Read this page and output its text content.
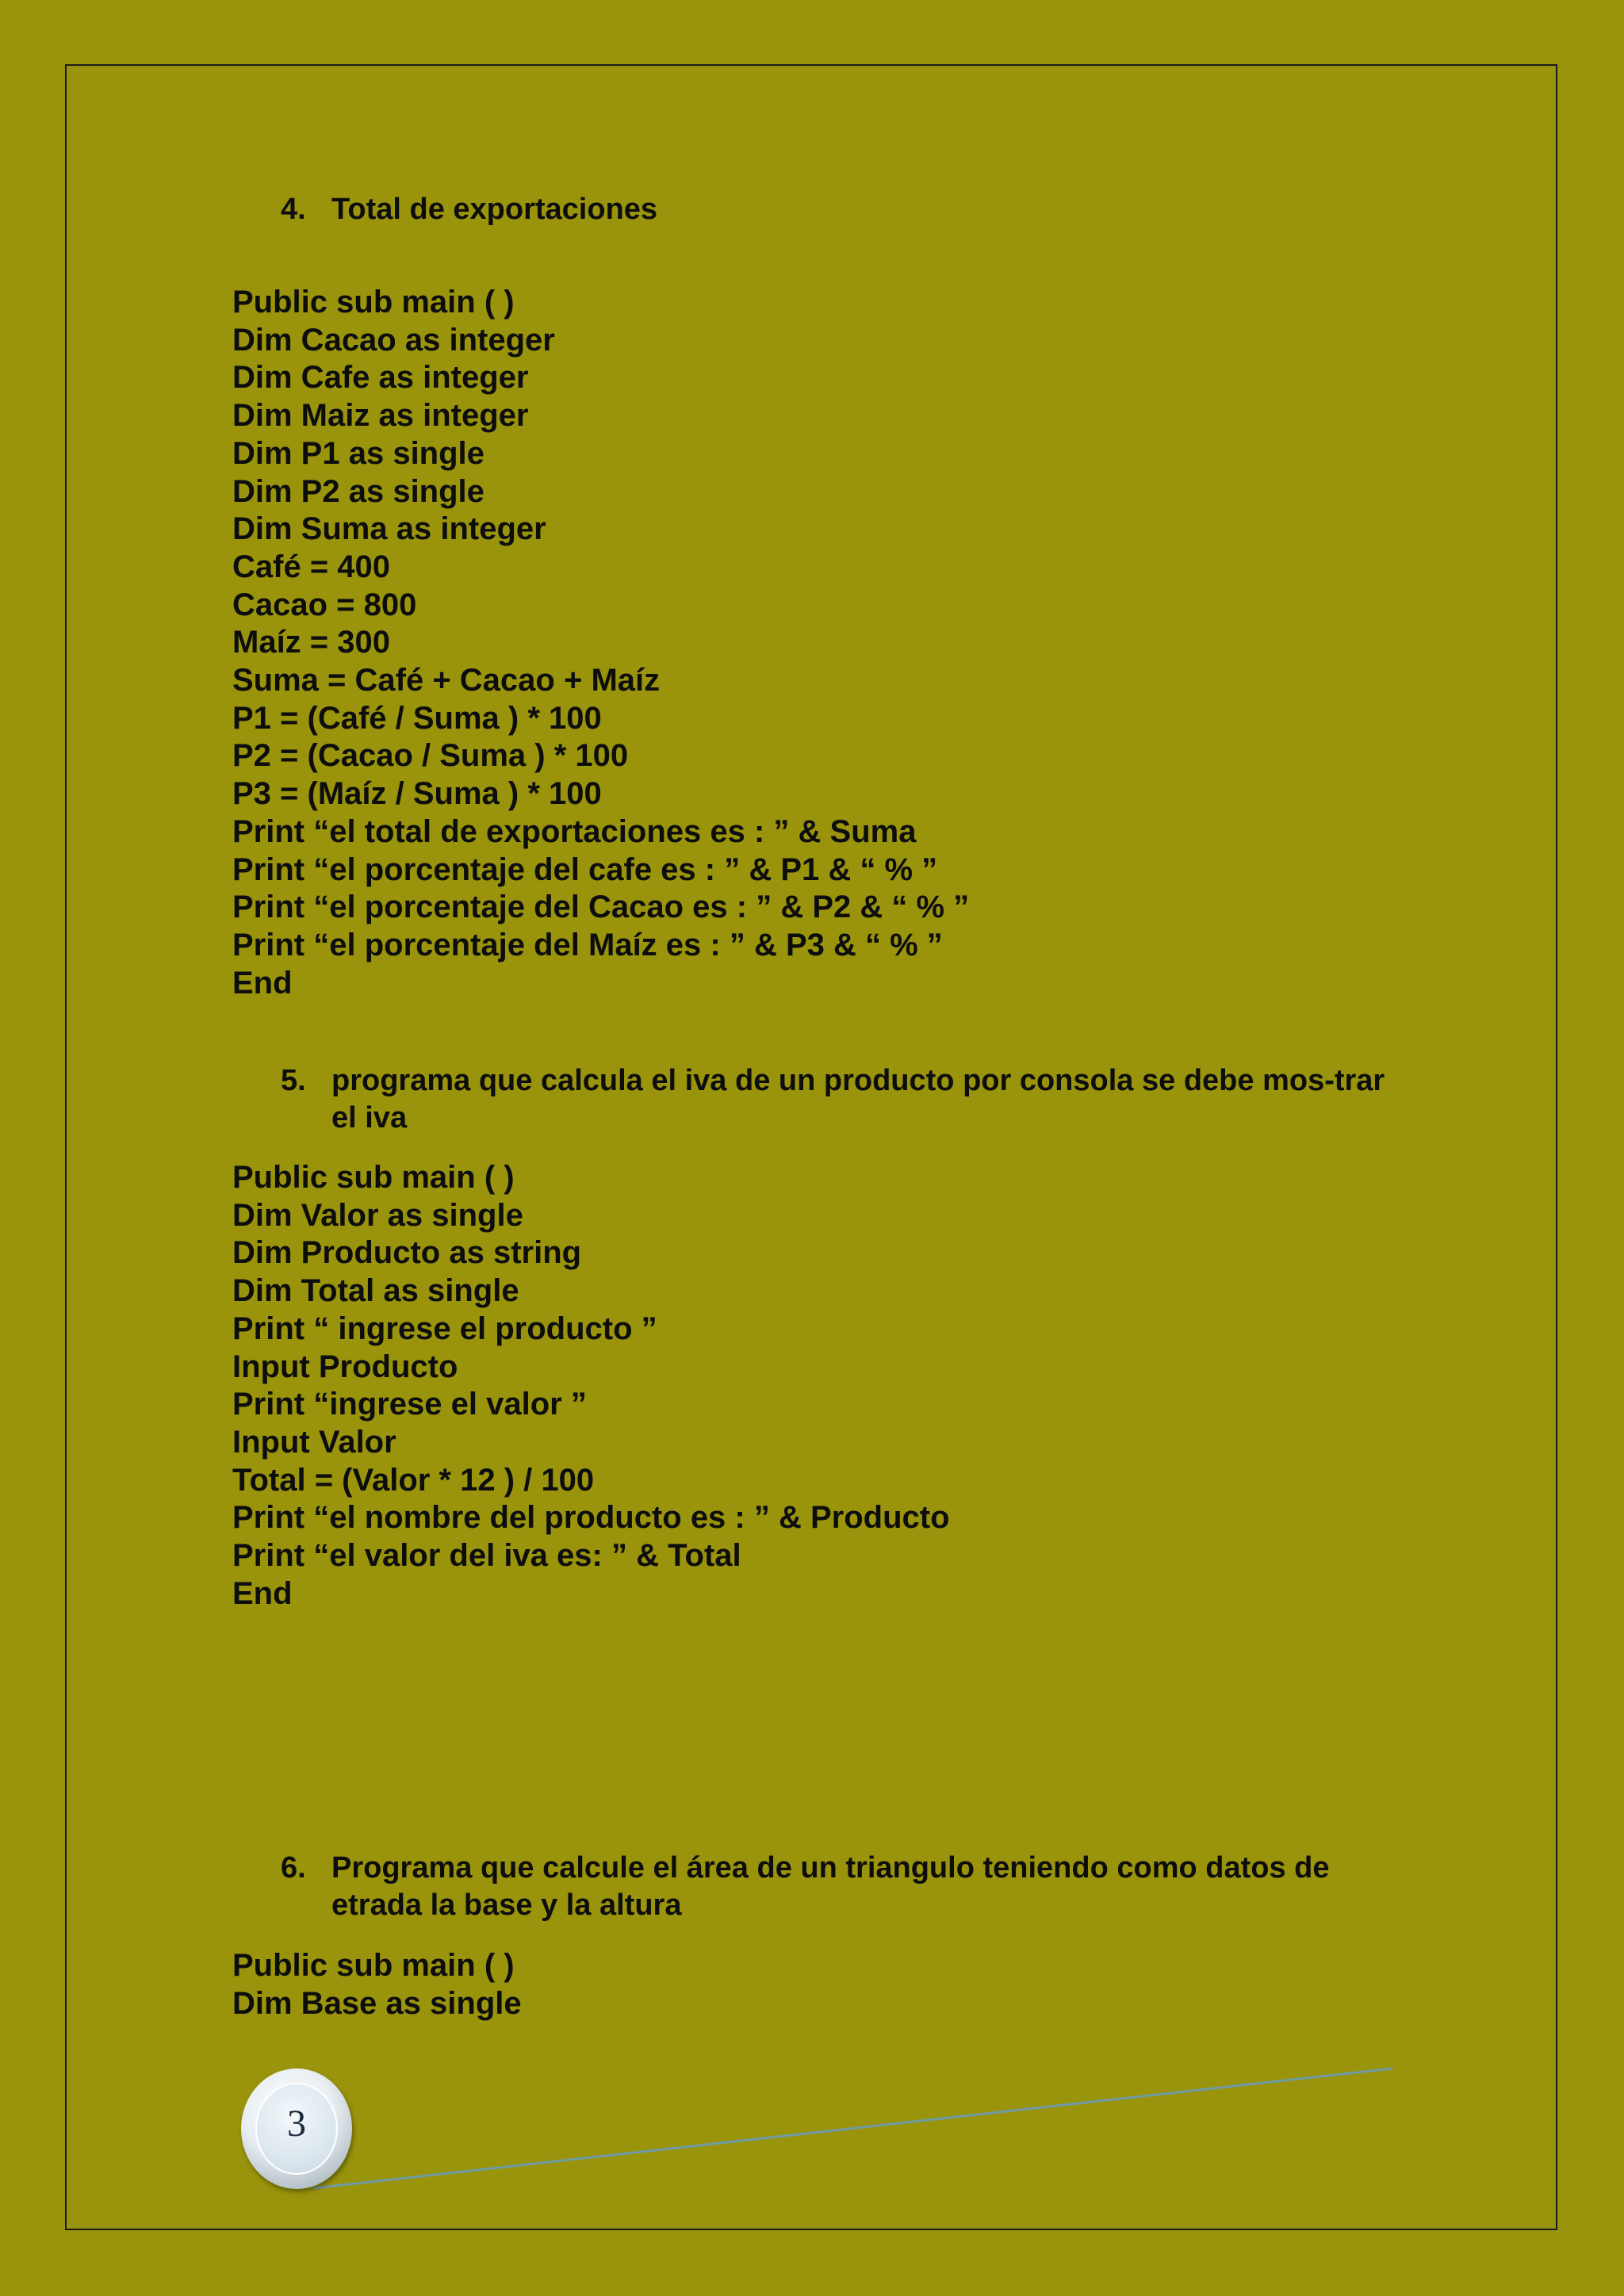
4. Total de exportaciones
Public sub main ( )
Dim Cacao as integer
Dim Cafe as integer
Dim Maiz as integer
Dim P1 as single
Dim P2 as single
Dim Suma as integer
Café = 400
Cacao = 800
Maíz = 300
Suma = Café + Cacao + Maíz
P1 = (Café / Suma ) * 100
P2 = (Cacao / Suma ) * 100
P3 = (Maíz / Suma ) * 100
Print “el total de exportaciones es : ” & Suma
Print “el porcentaje del cafe es : ” & P1 & “ % ”
Print “el porcentaje del Cacao es : ” & P2 & “ % ”
Print “el porcentaje del Maíz es : ” & P3 & “ % ”
End
5. programa que calcula el iva de un producto por consola se debe mos-trar el iva
Public sub main ( )
Dim Valor as single
Dim Producto as string
Dim Total as single
Print “ ingrese el producto ”
Input Producto
Print “ingrese el valor ”
Input Valor
Total = (Valor * 12 ) / 100
Print “el nombre del producto es : ” & Producto
Print “el valor del iva es: ” & Total
End
6. Programa que calcule el área de un triangulo teniendo como datos de etrada la base y la altura
Public sub main ( )
Dim Base as single
3
